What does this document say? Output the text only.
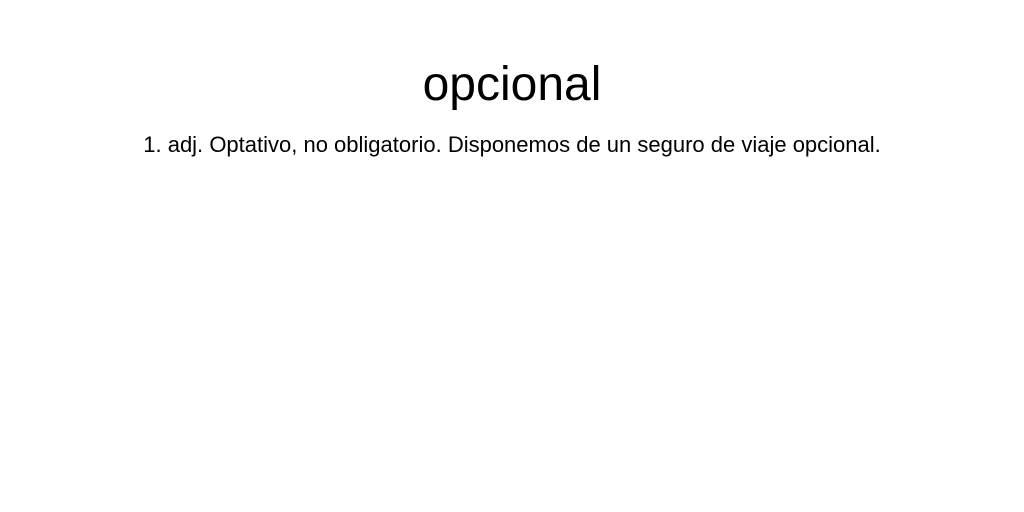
opcional

1. adj. Optativo, no obligatorio. Disponemos de un seguro de viaje opcional.
